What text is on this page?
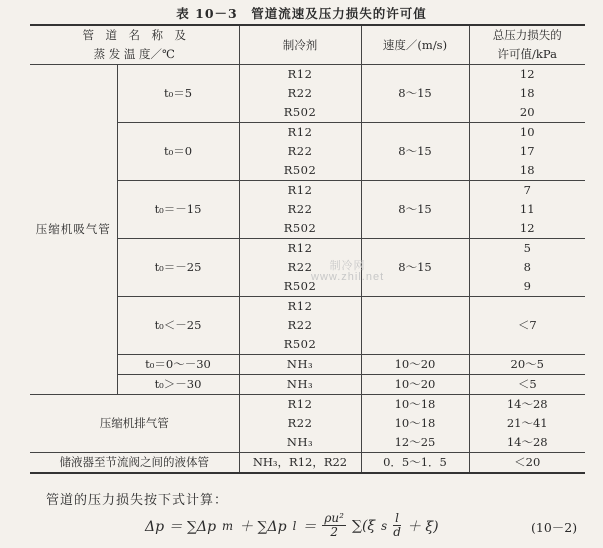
表 10－3　管道流速及压力损失的许可值
管　道　名　称　及		制冷剂	速度／(m/s)	总压力损失的
蒸 发 温 度／℃				许可值/kPa
压缩机吸气管	t₀＝5	R12	8～15	12
		R22		18
		R502		20
	t₀＝0	R12	8～15	10
		R22		17
		R502		18
	t₀＝－15	R12	8～15	7
		R22		11
		R502		12
	t₀＝－25	R12	8～15	5
		R22		8
		R502		9
	t₀＜－25	R12		＜7
		R22		
		R502		
	t₀＝0～－30	NH₃	10～20	20～5
	t₀＞－30	NH₃	10～20	＜5
压缩机排气管		R12	10～18	14～28
		R22	10～18	21～41
		NH₃	12～25	14～28
储液器至节流阀之间的液体管		NH₃，R12，R22	0．5～1．5	＜20
制冷网
www.zhil.net
管道的压力损失按下式计算：
Δp ＝ ∑Δp m ＋ ∑Δp $l = \frac{\text{ρu²}}{2} \sum(\xi$ s $\frac{l}{d} + \xi$)	(10－2)
